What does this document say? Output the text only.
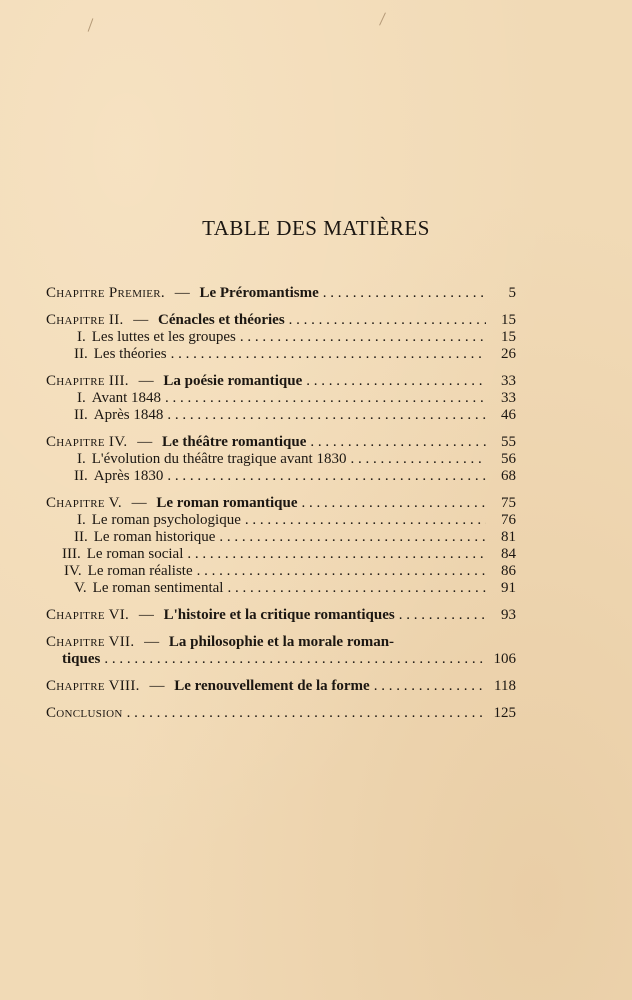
TABLE DES MATIÈRES
Chapitre Premier. — Le Préromantisme . . .	5
Chapitre II. — Cénacles et théories . . .	15
I. Les luttes et les groupes . . .	15
II. Les théories . . .	26
Chapitre III. — La poésie romantique . . .	33
I. Avant 1848 . . .	33
II. Après 1848 . . .	46
Chapitre IV. — Le théâtre romantique . . .	55
I. L'évolution du théâtre tragique avant 1830 . . .	56
II. Après 1830 . . .	68
Chapitre V. — Le roman romantique . . .	75
I. Le roman psychologique . . .	76
II. Le roman historique . . .	81
III. Le roman social . . .	84
IV. Le roman réaliste . . .	86
V. Le roman sentimental . . .	91
Chapitre VI. — L'histoire et la critique romantiques . . .	93
Chapitre VII. — La philosophie et la morale roman-
tiques . . .	106
Chapitre VIII. — Le renouvellement de la forme . . .	118
Conclusion . . .	125
